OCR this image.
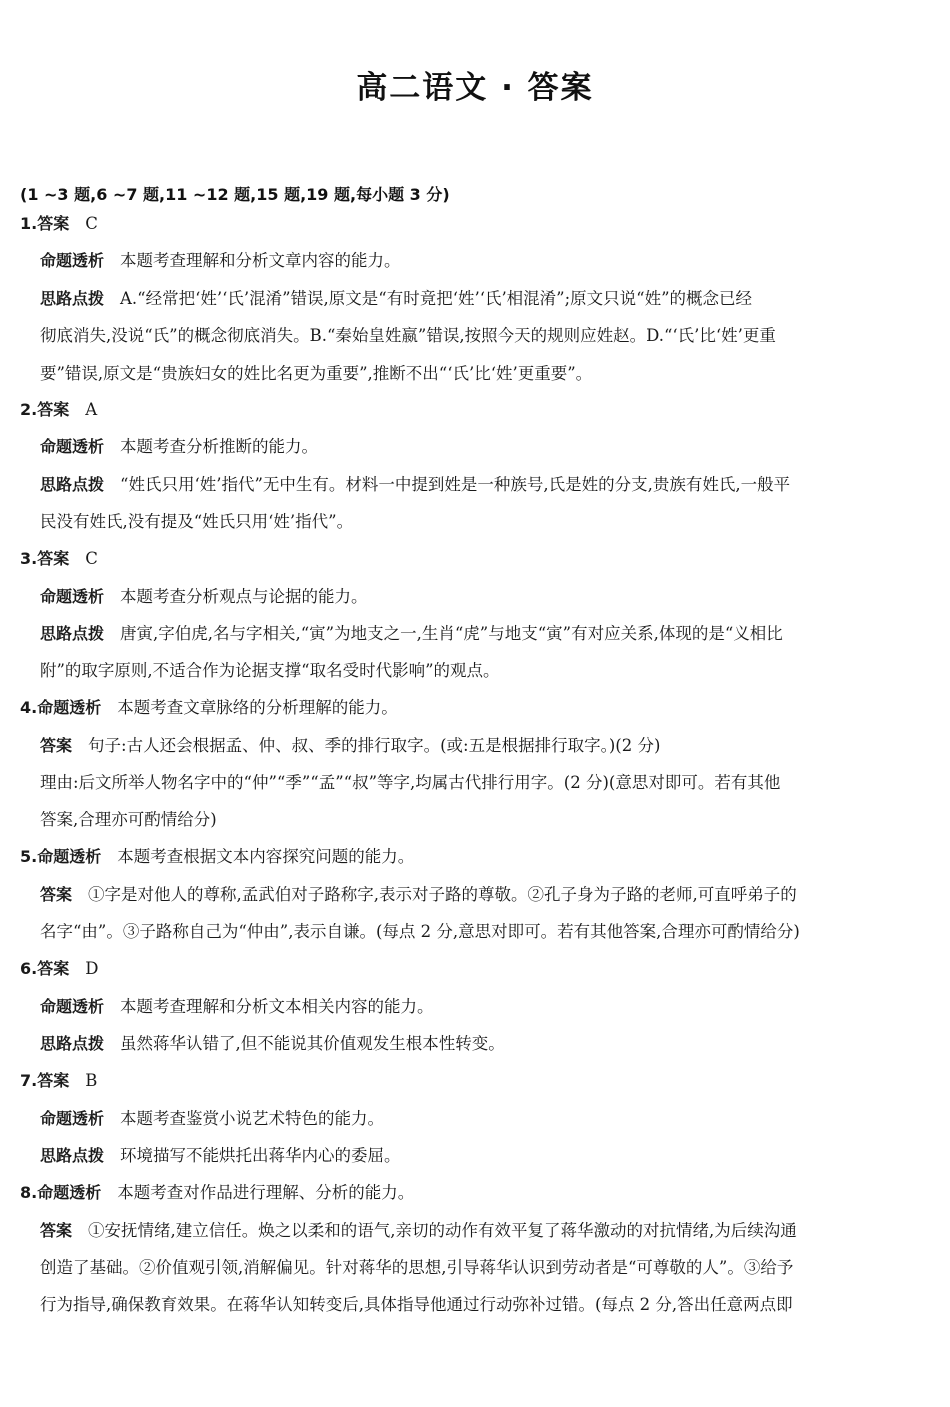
高二语文 · 答案
(1 ~3 题,6 ~7 题,11 ~12 题,15 题,19 题,每小题 3 分)
1.答案 C
命题透析 本题考查理解和分析文章内容的能力。
思路点拨 A.“经常把‘姓’‘氏’混淆”错误,原文是“有时竟把‘姓’‘氏’相混淆”;原文只说“姓”的概念已经
彻底消失,没说“氏”的概念彻底消失。B.“秦始皇姓嬴”错误,按照今天的规则应姓赵。D.“‘氏’比‘姓’更重
要”错误,原文是“贵族妇女的姓比名更为重要”,推断不出“‘氏’比‘姓’更重要”。
2.答案 A
命题透析 本题考查分析推断的能力。
思路点拨 “姓氏只用‘姓’指代”无中生有。材料一中提到姓是一种族号,氏是姓的分支,贵族有姓氏,一般平
民没有姓氏,没有提及“姓氏只用‘姓’指代”。
3.答案 C
命题透析 本题考查分析观点与论据的能力。
思路点拨 唐寅,字伯虎,名与字相关,“寅”为地支之一,生肖“虎”与地支“寅”有对应关系,体现的是“义相比
附”的取字原则,不适合作为论据支撑“取名受时代影响”的观点。
4.命题透析 本题考查文章脉络的分析理解的能力。
答案 句子:古人还会根据孟、仲、叔、季的排行取字。(或:五是根据排行取字。)(2 分)
理由:后文所举人物名字中的“仲”“季”“孟”“叔”等字,均属古代排行用字。(2 分)(意思对即可。若有其他
答案,合理亦可酌情给分)
5.命题透析 本题考查根据文本内容探究问题的能力。
答案 ①字是对他人的尊称,孟武伯对子路称字,表示对子路的尊敬。②孔子身为子路的老师,可直呼弟子的
名字“由”。③子路称自己为“仲由”,表示自谦。(每点 2 分,意思对即可。若有其他答案,合理亦可酌情给分)
6.答案 D
命题透析 本题考查理解和分析文本相关内容的能力。
思路点拨 虽然蒋华认错了,但不能说其价值观发生根本性转变。
7.答案 B
命题透析 本题考查鉴赏小说艺术特色的能力。
思路点拨 环境描写不能烘托出蒋华内心的委屈。
8.命题透析 本题考查对作品进行理解、分析的能力。
答案 ①安抚情绪,建立信任。焕之以柔和的语气,亲切的动作有效平复了蒋华激动的对抗情绪,为后续沟通
创造了基础。②价值观引领,消解偏见。针对蒋华的思想,引导蒋华认识到劳动者是“可尊敬的人”。③给予
行为指导,确保教育效果。在蒋华认知转变后,具体指导他通过行动弥补过错。(每点 2 分,答出任意两点即
